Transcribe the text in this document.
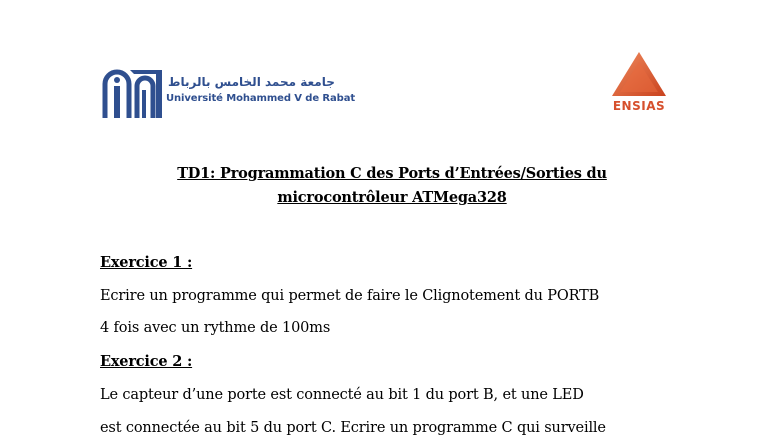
جامعة محمد الخامس بالرباط
Université Mohammed V de Rabat
ENSIAS
TD1: Programmation C des Ports d’Entrées/Sorties du
microcontrôleur ATMega328
Exercice 1 :
Ecrire un programme qui permet de faire le Clignotement du PORTB
4 fois avec un rythme de 100ms
Exercice 2 :
Le capteur d’une porte est connecté au bit 1 du port B, et une LED
est connectée au bit 5 du port C. Ecrire un programme C qui surveille
